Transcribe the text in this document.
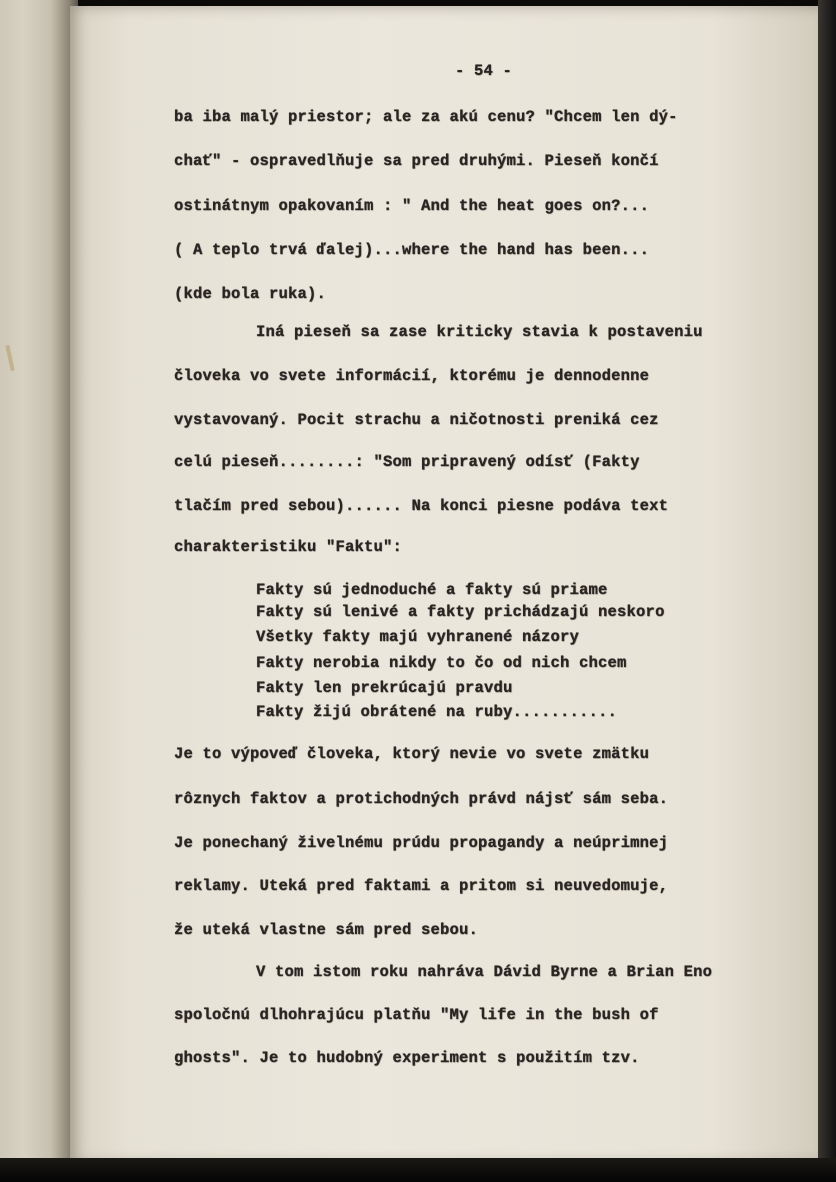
- 54 -
ba iba malý priestor; ale za akú cenu? "Chcem len dý-
chať" - ospravedlňuje sa pred druhými. Pieseň končí
ostinátnym opakovaním : " And the heat goes on?...
( A teplo trvá ďalej)...where the hand has been...
(kde bola ruka).
Iná pieseň sa zase kriticky stavia k postaveniu
človeka vo svete informácií, ktorému je dennodenne
vystavovaný. Pocit strachu a ničotnosti preniká cez
celú pieseň........: "Som pripravený odísť (Fakty
tlačím pred sebou)...... Na konci piesne podáva text
charakteristiku "Faktu":
Fakty sú jednoduché a fakty sú priame
Fakty sú lenivé a fakty prichádzajú neskoro
Všetky fakty majú vyhranené názory
Fakty nerobia nikdy to čo od nich chcem
Fakty len prekrúcajú pravdu
Fakty žijú obrátené na ruby...........
Je to výpoveď človeka, ktorý nevie vo svete zmätku
rôznych faktov a protichodných právd nájsť sám seba.
Je ponechaný živelnému prúdu propagandy a neúprimnej
reklamy. Uteká pred faktami a pritom si neuvedomuje,
že uteká vlastne sám pred sebou.
V tom istom roku nahráva Dávid Byrne a Brian Eno
spoločnú dlhohrajúcu platňu "My life in the bush of
ghosts". Je to hudobný experiment s použitím tzv.
